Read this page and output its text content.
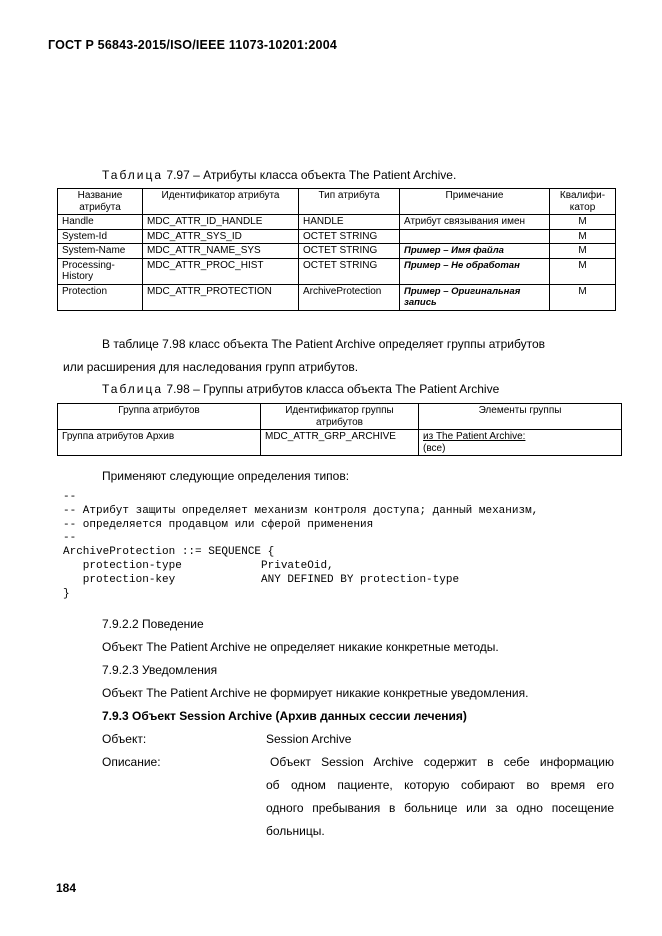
ГОСТ Р 56843-2015/ISO/IEEE 11073-10201:2004
Таблица 7.97 – Атрибуты класса объекта The Patient Archive.
Название атрибута	Идентификатор атрибута	Тип атрибута	Примечание	Квалифи-катор
Handle	MDC_ATTR_ID_HANDLE	HANDLE	Атрибут связывания имен	M
System-Id	MDC_ATTR_SYS_ID	OCTET STRING		M
System-Name	MDC_ATTR_NAME_SYS	OCTET STRING	Пример – Имя файла	M
Processing-History	MDC_ATTR_PROC_HIST	OCTET STRING	Пример – Не обработан	M
Protection	MDC_ATTR_PROTECTION	ArchiveProtection	Пример – Оригинальная запись	M
В таблице 7.98 класс объекта The Patient Archive определяет группы атрибутов
или расширения для наследования групп атрибутов.
Таблица 7.98 – Группы атрибутов класса объекта The Patient Archive
Группа атрибутов	Идентификатор группы атрибутов	Элементы группы
Группа атрибутов Архив	MDC_ATTR_GRP_ARCHIVE	из The Patient Archive:
(все)
Применяют следующие определения типов:
--
-- Атрибут защиты определяет механизм контроля доступа; данный механизм,
-- определяется продавцом или сферой применения
--
ArchiveProtection ::= SEQUENCE {
protection-type            PrivateOid,
protection-key             ANY DEFINED BY protection-type
}
7.9.2.2 Поведение
Объект The Patient Archive не определяет никакие конкретные методы.
7.9.2.3 Уведомления
Объект The Patient Archive не формирует никакие конкретные уведомления.
7.9.3 Объект Session Archive (Архив данных сессии лечения)
Объект:	Session Archive
Описание:	Объект Session Archive содержит в себе информацию
об одном пациенте, которую собирают во время его
одного пребывания в больнице или за одно посещение
больницы.
184
